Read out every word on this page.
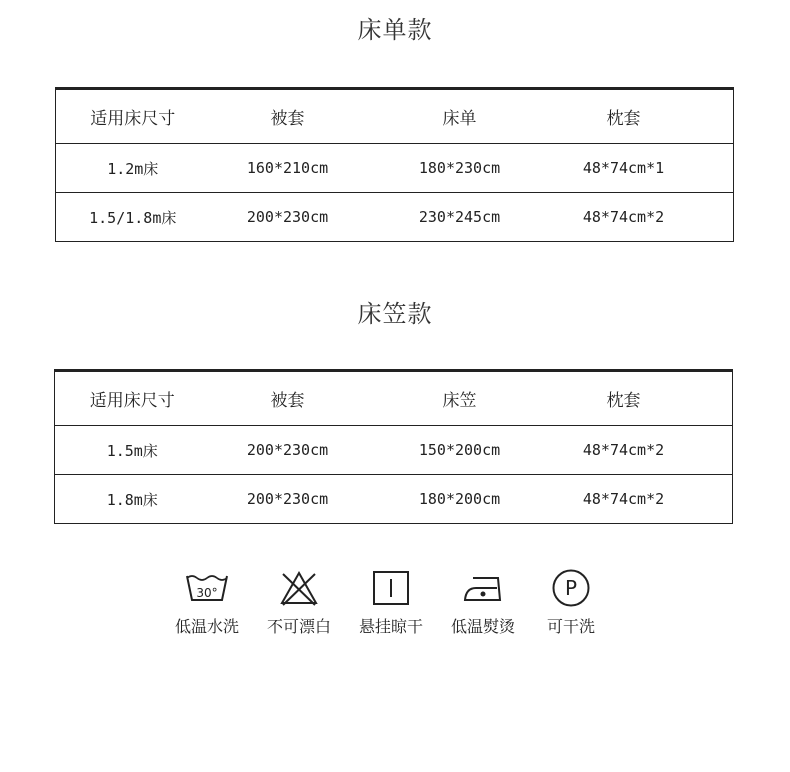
床单款
适用床尺寸	被套	床单	枕套	
1.2m床	160*210cm	180*230cm	48*74cm*1	
1.5/1.8m床	200*230cm	230*245cm	48*74cm*2	
床笠款
适用床尺寸	被套	床笠	枕套	
1.5m床	200*230cm	150*200cm	48*74cm*2	
1.8m床	200*230cm	180*200cm	48*74cm*2	
30°
低温水洗	不可漂白	悬挂晾干	低温熨烫
P
可干洗
